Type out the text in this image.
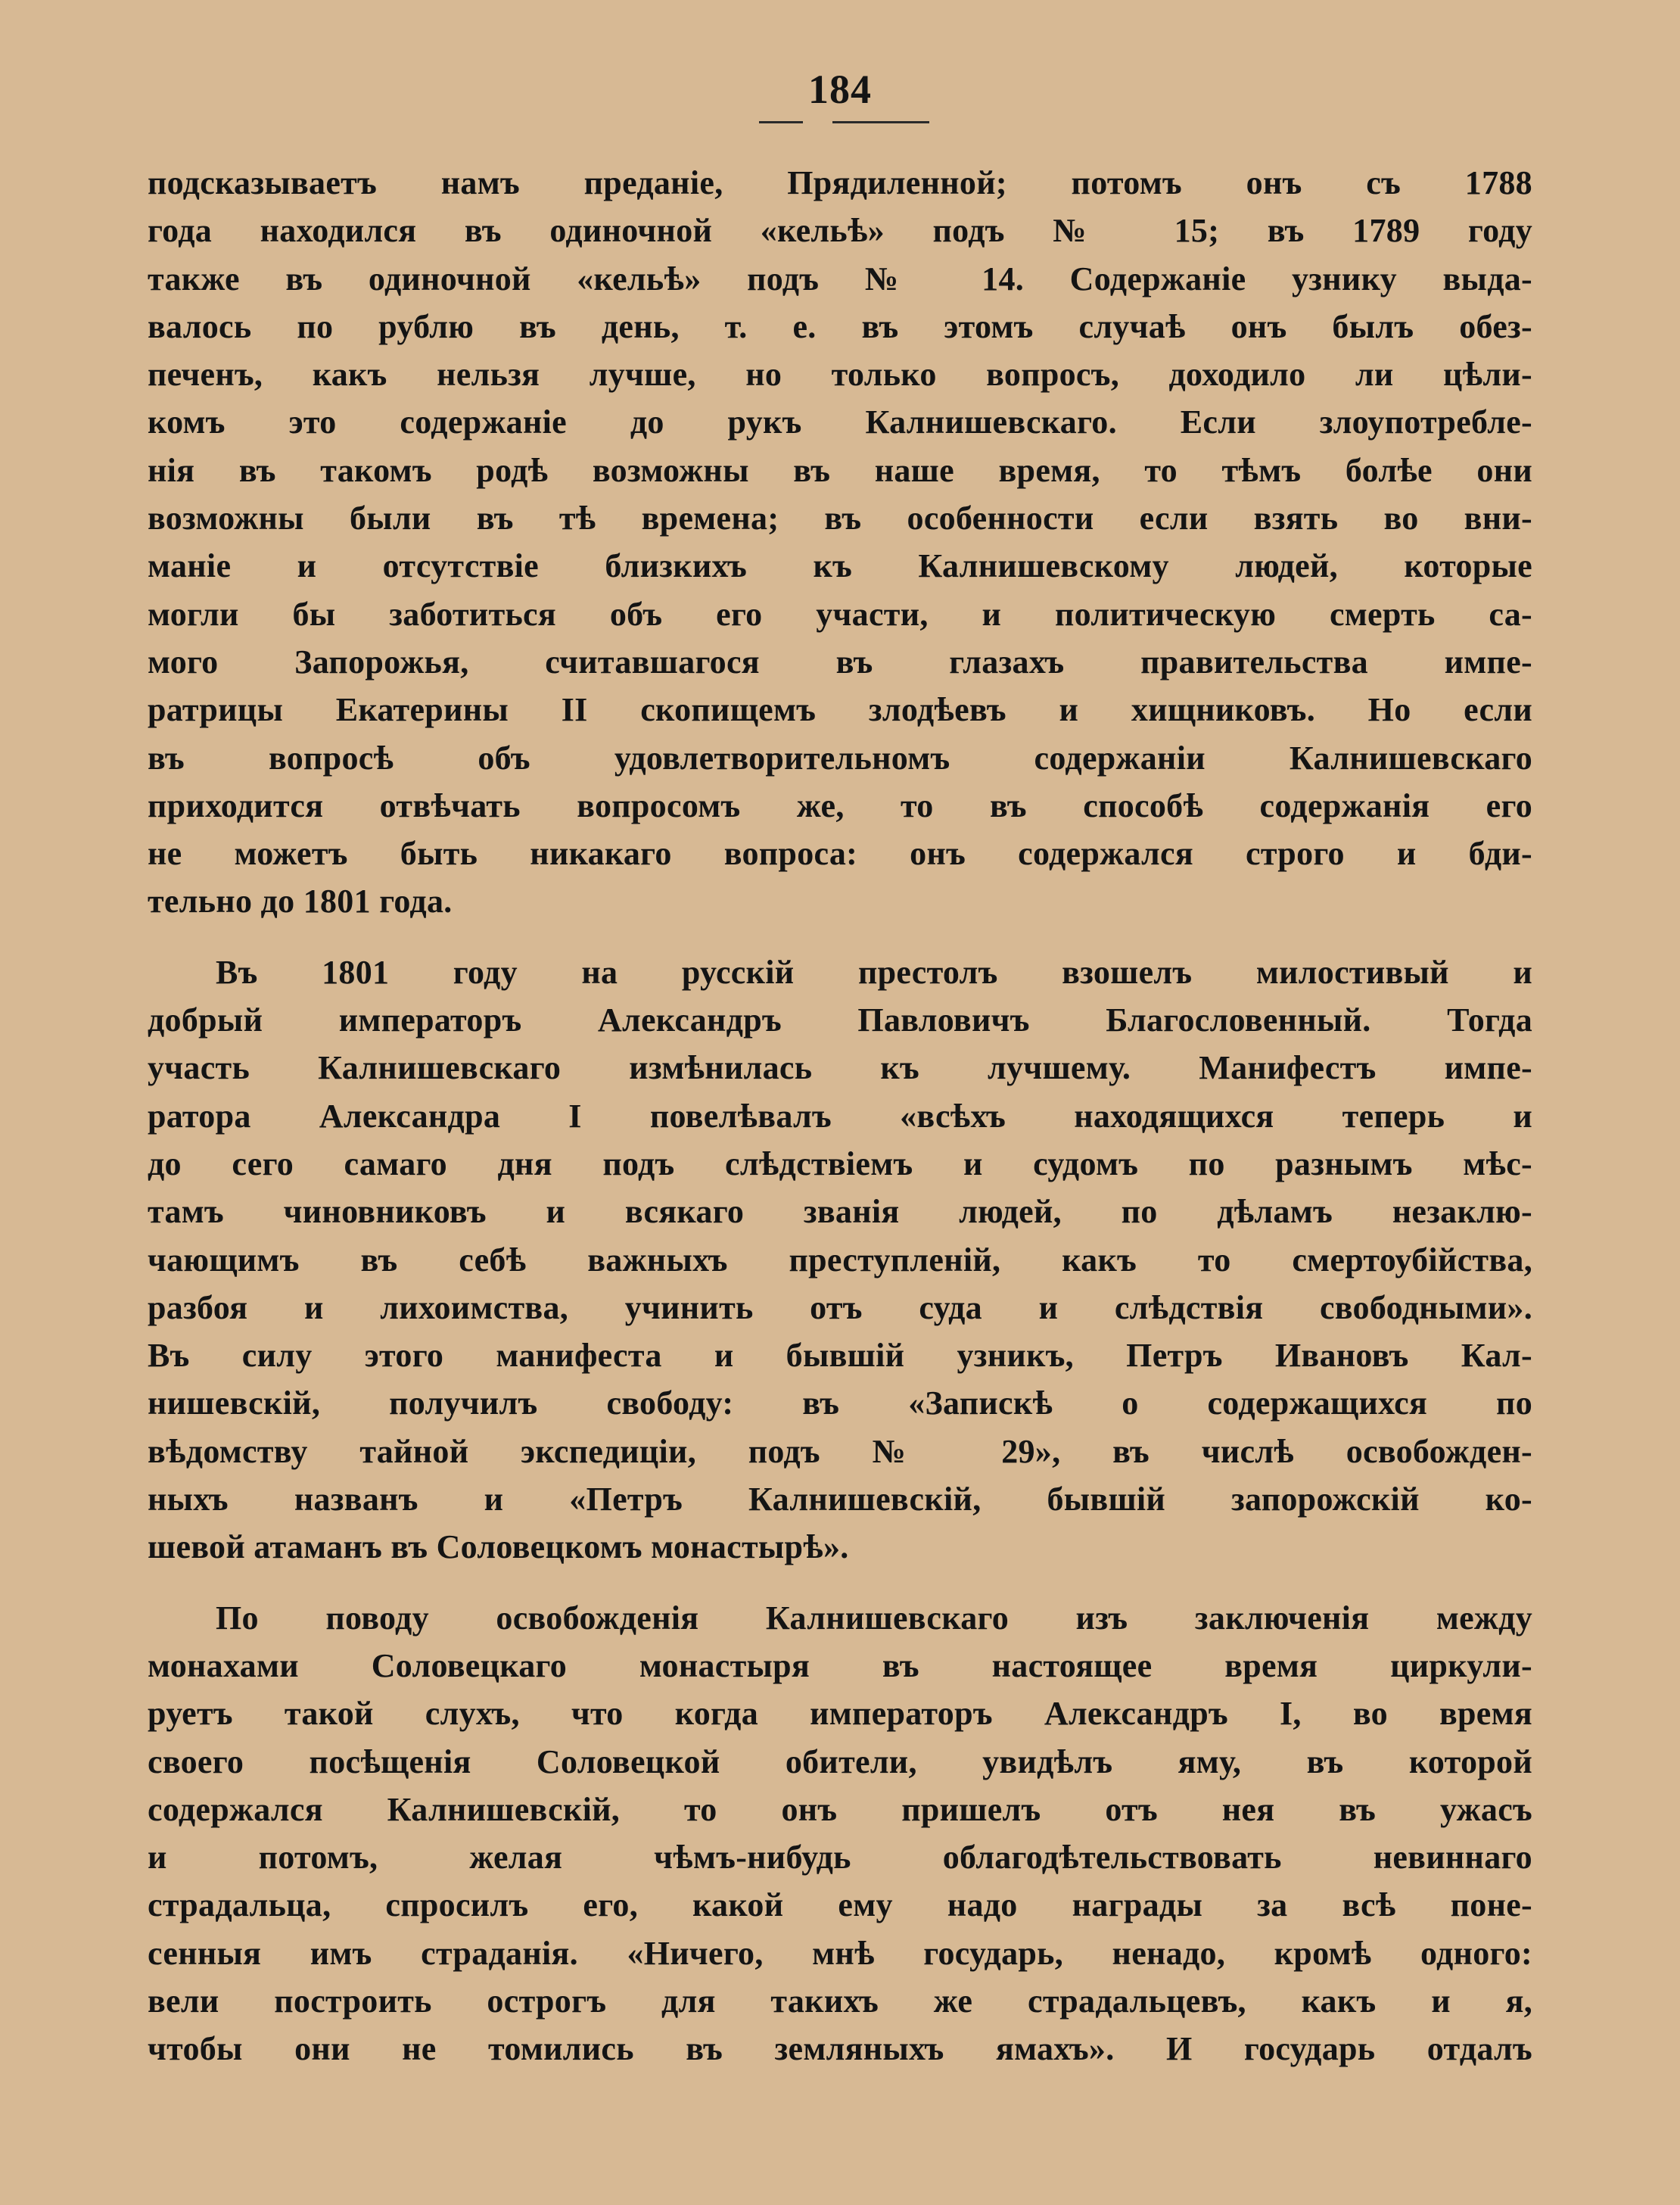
184
подсказываетъ намъ преданіе, Прядиленной; потомъ онъ съ 1788
года находился въ одиночной «кельѣ» подъ № 15; въ 1789 году
также въ одиночной «кельѣ» подъ № 14. Содержаніе узнику выда-
валось по рублю въ день, т. е. въ этомъ случаѣ онъ былъ обез-
печенъ, какъ нельзя лучше, но только вопросъ, доходило ли цѣли-
комъ это содержаніе до рукъ Калнишевскаго. Если злоупотребле-
нія въ такомъ родѣ возможны въ наше время, то тѣмъ болѣе они
возможны были въ тѣ времена; въ особенности если взять во вни-
маніе и отсутствіе близкихъ къ Калнишевскому людей, которые
могли бы заботиться объ его участи, и политическую смерть са-
мого Запорожья, считавшагося въ глазахъ правительства импе-
ратрицы Екатерины II скопищемъ злодѣевъ и хищниковъ. Но если
въ вопросѣ объ удовлетворительномъ содержаніи Калнишевскаго
приходится отвѣчать вопросомъ же, то въ способѣ содержанія его
не можетъ быть никакаго вопроса: онъ содержался строго и бди-
тельно до 1801 года.
Въ 1801 году на русскій престолъ взошелъ милостивый и
добрый императоръ Александръ Павловичъ Благословенный. Тогда
участь Калнишевскаго измѣнилась къ лучшему. Манифестъ импе-
ратора Александра I повелѣвалъ «всѣхъ находящихся теперь и
до сего самаго дня подъ слѣдствіемъ и судомъ по разнымъ мѣс-
тамъ чиновниковъ и всякаго званія людей, по дѣламъ незаклю-
чающимъ въ себѣ важныхъ преступленій, какъ то смертоубійства,
разбоя и лихоимства, учинить отъ суда и слѣдствія свободными».
Въ силу этого манифеста и бывшій узникъ, Петръ Ивановъ Кал-
нишевскій, получилъ свободу: въ «Запискѣ о содержащихся по
вѣдомству тайной экспедиціи, подъ № 29», въ числѣ освобожден-
ныхъ названъ и «Петръ Калнишевскій, бывшій запорожскій ко-
шевой атаманъ въ Соловецкомъ монастырѣ».
По поводу освобожденія Калнишевскаго изъ заключенія между
монахами Соловецкаго монастыря въ настоящее время циркули-
руетъ такой слухъ, что когда императоръ Александръ I, во время
своего посѣщенія Соловецкой обители, увидѣлъ яму, въ которой
содержался Калнишевскій, то онъ пришелъ отъ нея въ ужасъ
и потомъ, желая чѣмъ-нибудь облагодѣтельствовать невиннаго
страдальца, спросилъ его, какой ему надо награды за всѣ поне-
сенныя имъ страданія. «Ничего, мнѣ государь, ненадо, кромѣ одного:
вели построить острогъ для такихъ же страдальцевъ, какъ и я,
чтобы они не томились въ земляныхъ ямахъ». И государь отдалъ
